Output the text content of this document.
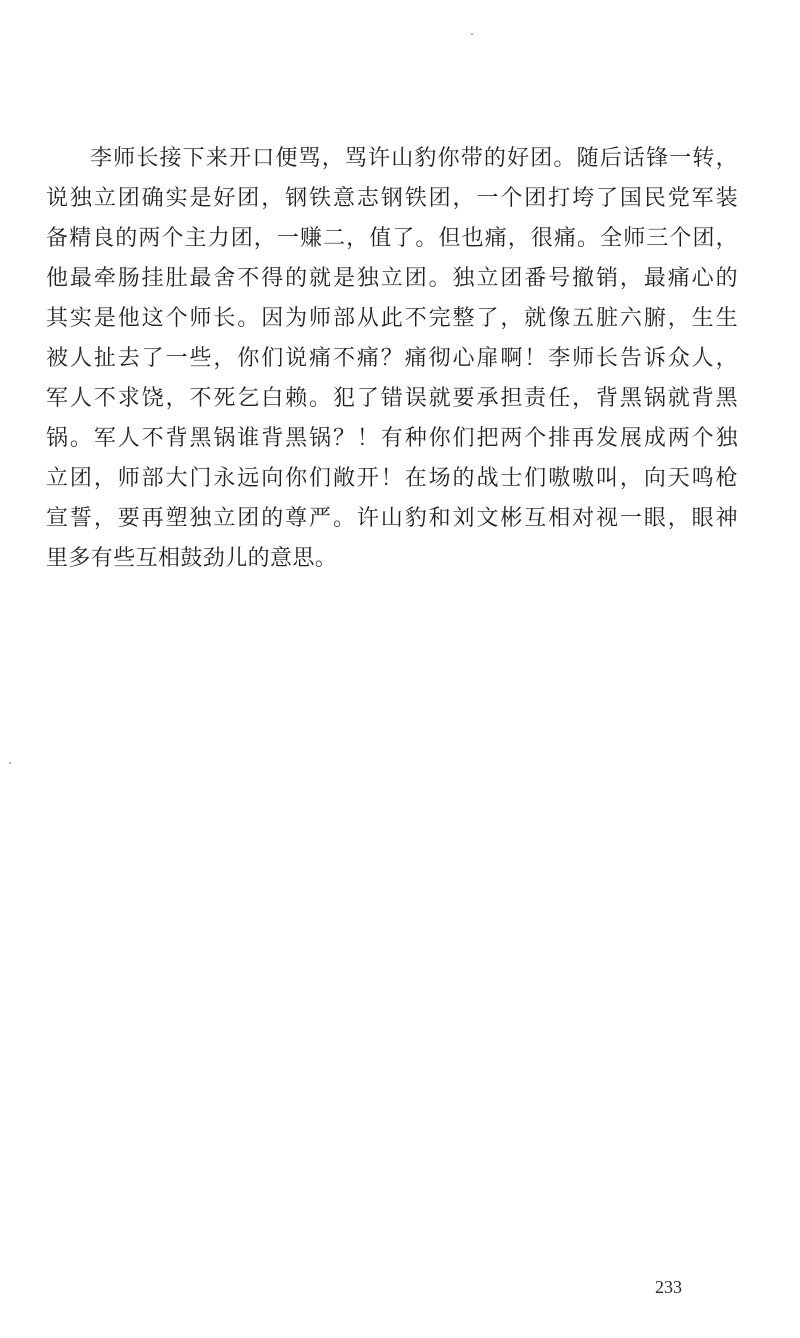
李师长接下来开口便骂，骂许山豹你带的好团。随后话锋一转，
说独立团确实是好团，钢铁意志钢铁团，一个团打垮了国民党军装
备精良的两个主力团，一赚二，值了。但也痛，很痛。全师三个团，
他最牵肠挂肚最舍不得的就是独立团。独立团番号撤销，最痛心的
其实是他这个师长。因为师部从此不完整了，就像五脏六腑，生生
被人扯去了一些，你们说痛不痛？痛彻心扉啊！李师长告诉众人，
军人不求饶，不死乞白赖。犯了错误就要承担责任，背黑锅就背黑
锅。军人不背黑锅谁背黑锅？！有种你们把两个排再发展成两个独
立团，师部大门永远向你们敞开！在场的战士们嗷嗷叫，向天鸣枪
宣誓，要再塑独立团的尊严。许山豹和刘文彬互相对视一眼，眼神
里多有些互相鼓劲儿的意思。
233
